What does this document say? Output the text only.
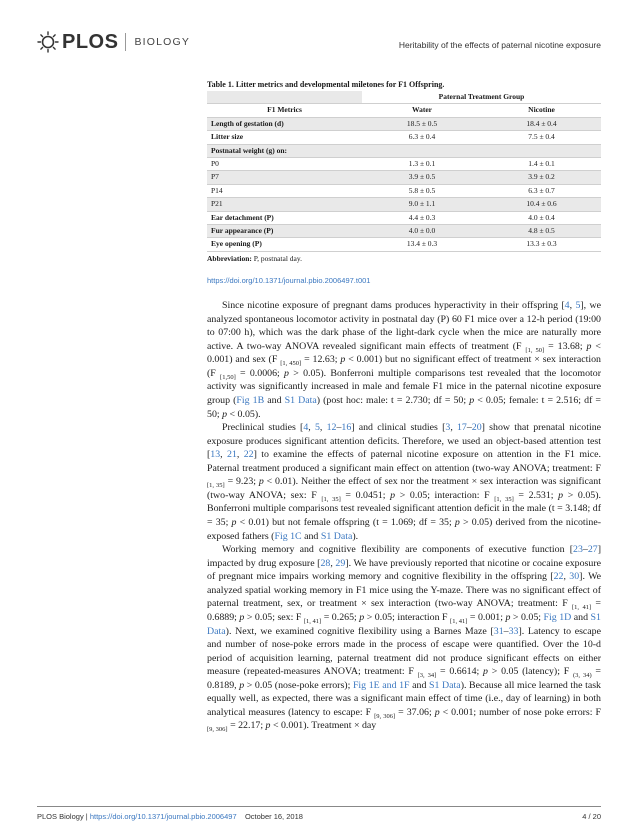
PLOS BIOLOGY	Heritability of the effects of paternal nicotine exposure
Table 1. Litter metrics and developmental miletones for F1 Offspring.
	Paternal Treatment Group	
F1 Metrics	Water	Nicotine
Length of gestation (d)	18.5 ± 0.5	18.4 ± 0.4
Litter size	6.3 ± 0.4	7.5 ± 0.4
Postnatal weight (g) on:		
P0	1.3 ± 0.1	1.4 ± 0.1
P7	3.9 ± 0.5	3.9 ± 0.2
P14	5.8 ± 0.5	6.3 ± 0.7
P21	9.0 ± 1.1	10.4 ± 0.6
Ear detachment (P)	4.4 ± 0.3	4.0 ± 0.4
Fur appearance (P)	4.0 ± 0.0	4.8 ± 0.5
Eye opening (P)	13.4 ± 0.3	13.3 ± 0.3
Abbreviation: P, postnatal day.
https://doi.org/10.1371/journal.pbio.2006497.t001

Since nicotine exposure of pregnant dams produces hyperactivity in their offspring [4, 5], we analyzed spontaneous locomotor activity in postnatal day (P) 60 F1 mice over a 12-h period (19:00 to 07:00 h), which was the dark phase of the light-dark cycle when the mice are naturally more active. A two-way ANOVA revealed significant main effects of treatment (F $_{[1, 50]}$ = 13.68; p < 0.001) and sex (F $_{[1, 450]}$ = 12.63; p < 0.001) but no significant effect of treatment × sex interaction (F $_{[1,50]}$ = 0.0006; p > 0.05). Bonferroni multiple comparisons test revealed that the locomotor activity was significantly increased in male and female F1 mice in the paternal nicotine exposure group (Fig 1B and S1 Data) (post hoc: male: t = 2.730; df = 50; p < 0.05; female: t = 2.516; df = 50; p < 0.05).

Preclinical studies [4, 5, 12–16] and clinical studies [3, 17–20] show that prenatal nicotine exposure produces significant attention deficits. Therefore, we used an object-based attention test [13, 21, 22] to examine the effects of paternal nicotine exposure on attention in the F1 mice. Paternal treatment produced a significant main effect on attention (two-way ANOVA; treatment: F $_{[1, 35]}$ = 9.23; p < 0.01). Neither the effect of sex nor the treatment × sex interaction was significant (two-way ANOVA; sex: F $_{[1, 35]}$ = 0.0451; p > 0.05; interaction: F $_{[1, 35]}$ = 2.531; p > 0.05). Bonferroni multiple comparisons test revealed significant attention deficit in the male (t = 3.148; df = 35; p < 0.01) but not female offspring (t = 1.069; df = 35; p > 0.05) derived from the nicotine-exposed fathers (Fig 1C and S1 Data).

Working memory and cognitive flexibility are components of executive function [23–27] impacted by drug exposure [28, 29]. We have previously reported that nicotine or cocaine exposure of pregnant mice impairs working memory and cognitive flexibility in the offspring [22, 30]. We analyzed spatial working memory in F1 mice using the Y-maze. There was no significant effect of paternal treatment, sex, or treatment × sex interaction (two-way ANOVA; treatment: F $_{[1, 41]}$ = 0.6889; p > 0.05; sex: F $_{[1, 41]}$ = 0.265; p > 0.05; interaction F $_{[1, 41]}$ = 0.001; p > 0.05; Fig 1D and S1 Data). Next, we examined cognitive flexibility using a Barnes Maze [31–33]. Latency to escape and number of nose-poke errors made in the process of escape were quantified. Over the 10-d period of acquisition learning, paternal treatment did not produce significant effects on either measure (repeated-measures ANOVA; treatment: F $_{[3, 34]}$ = 0.6614; p > 0.05 (latency); F $_{(3, 34)}$ = 0.8189, p > 0.05 (nose-poke errors); Fig 1E and 1F and S1 Data). Because all mice learned the task equally well, as expected, there was a significant main effect of time (i.e., day of learning) in both analytical measures (latency to escape: F $_{[9, 306]}$ = 37.06; p < 0.001; number of nose poke errors: F $_{[9, 306]}$ = 22.17; p < 0.001). Treatment × day

PLOS Biology | https://doi.org/10.1371/journal.pbio.2006497 October 16, 2018	4 / 20
